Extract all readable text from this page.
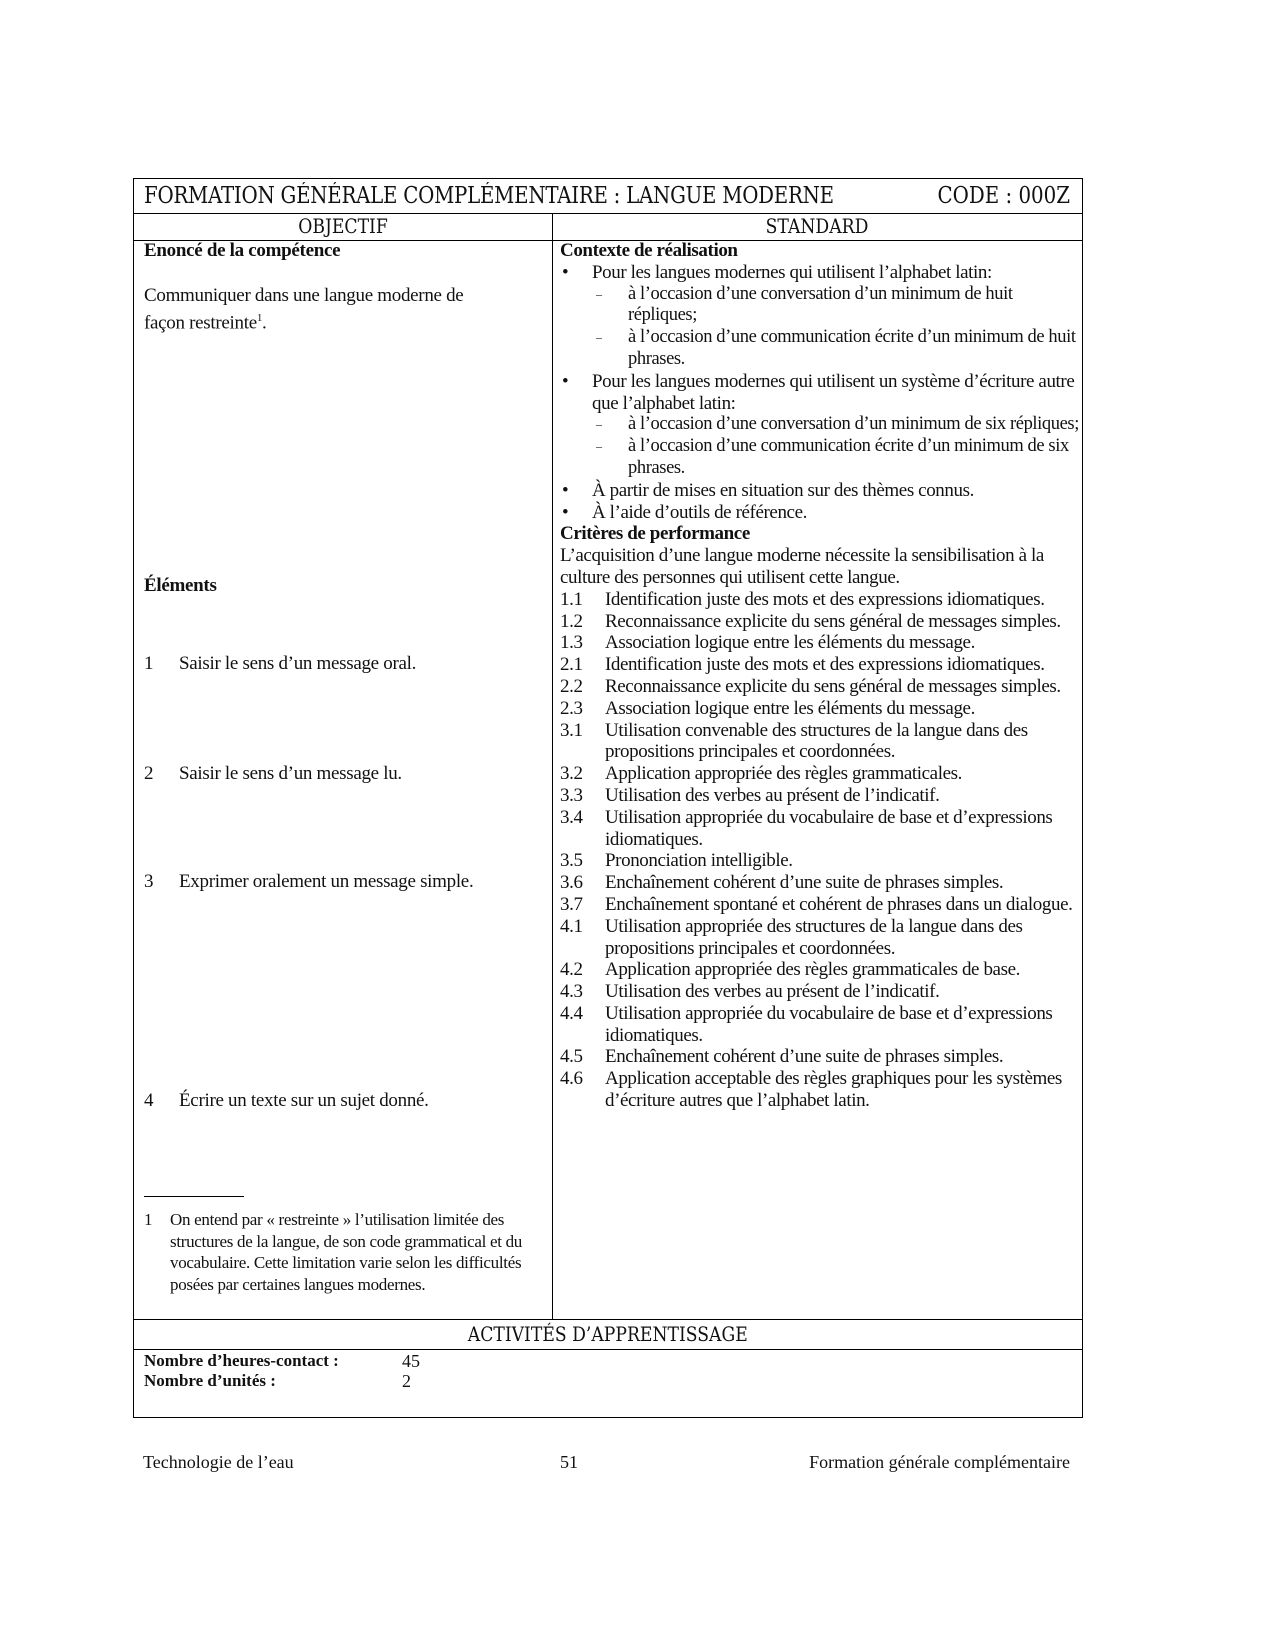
FORMATION GÉNÉRALE COMPLÉMENTAIRE : LANGUE MODERNE	CODE : 000Z
OBJECTIF	STANDARD
Enoncé de la compétence
Communiquer dans une langue moderne de
façon restreinte$^1$.
Éléments
1 Saisir le sens d’un message oral.
2 Saisir le sens d’un message lu.
3 Exprimer oralement un message simple.
4 Écrire un texte sur un sujet donné.
1	On entend par « restreinte » l’utilisation limitée des structures de la langue, de son code grammatical et du vocabulaire. Cette limitation varie selon les difficultés posées par certaines langues modernes.
Contexte de réalisation
• Pour les langues modernes qui utilisent l’alphabet latin:
– à l’occasion d’une conversation d’un minimum de huit répliques;
– à l’occasion d’une communication écrite d’un minimum de huit phrases.
• Pour les langues modernes qui utilisent un système d’écriture autre que l’alphabet latin:
– à l’occasion d’une conversation d’un minimum de six répliques;
– à l’occasion d’une communication écrite d’un minimum de six phrases.
• À partir de mises en situation sur des thèmes connus.
• À l’aide d’outils de référence.
Critères de performance
L’acquisition d’une langue moderne nécessite la sensibilisation à la culture des personnes qui utilisent cette langue.
1.1 Identification juste des mots et des expressions idiomatiques.
1.2 Reconnaissance explicite du sens général de messages simples.
1.3 Association logique entre les éléments du message.
2.1 Identification juste des mots et des expressions idiomatiques.
2.2 Reconnaissance explicite du sens général de messages simples.
2.3 Association logique entre les éléments du message.
3.1 Utilisation convenable des structures de la langue dans des propositions principales et coordonnées.
3.2 Application appropriée des règles grammaticales.
3.3 Utilisation des verbes au présent de l’indicatif.
3.4 Utilisation appropriée du vocabulaire de base et d’expressions idiomatiques.
3.5 Prononciation intelligible.
3.6 Enchaînement cohérent d’une suite de phrases simples.
3.7 Enchaînement spontané et cohérent de phrases dans un dialogue.
4.1 Utilisation appropriée des structures de la langue dans des propositions principales et coordonnées.
4.2 Application appropriée des règles grammaticales de base.
4.3 Utilisation des verbes au présent de l’indicatif.
4.4 Utilisation appropriée du vocabulaire de base et d’expressions idiomatiques.
4.5 Enchaînement cohérent d’une suite de phrases simples.
4.6 Application acceptable des règles graphiques pour les systèmes d’écriture autres que l’alphabet latin.
ACTIVITÉS D’APPRENTISSAGE
Nombre d’heures-contact :	45
Nombre d’unités :	2
Technologie de l’eau	51	Formation générale complémentaire
